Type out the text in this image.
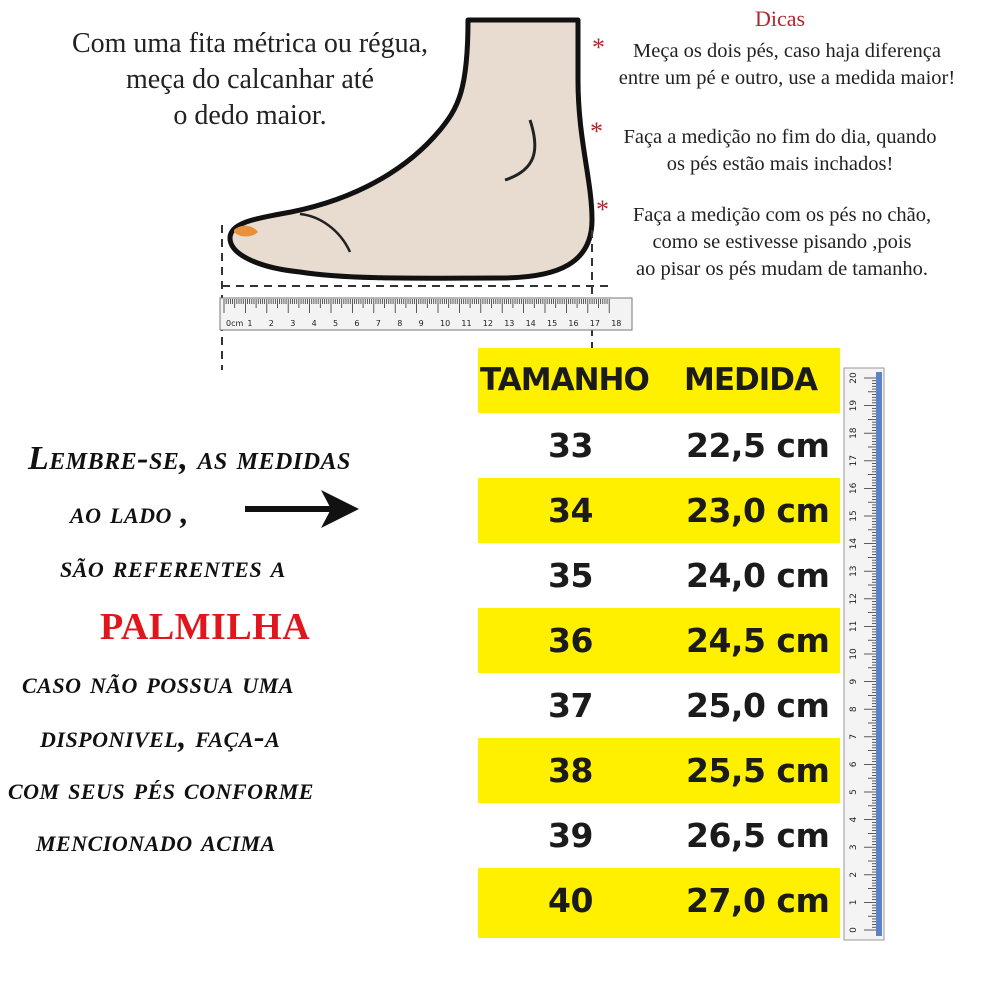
Com uma fita métrica ou régua,
meça do calcanhar até
o dedo maior.
0cm 1 2 3 4 5 6 7 8 9 10 11 12 13 14 15 16 17 18
Dicas
*	Meça os dois pés, caso haja diferença
entre um pé e outro, use a medida maior!
* Faça a medição no fim do dia, quando
os pés estão mais inchados!
*	Faça a medição com os pés no chão,
como se estivesse pisando ,pois
ao pisar os pés mudam de tamanho.
TAMANHO MEDIDA
33	22,5 cm
34	23,0 cm
35	24,0 cm
36	24,5 cm
37	25,0 cm
38	25,5 cm
39	26,5 cm
40	27,0 cm
0
1
2
3
4
5
6
7
8
9
10
11
12
13
14
15
16
17
18
19
20
Lembre-se, as medidas
ao lado ,
são referentes a
PALMILHA
caso não possua uma
disponivel, faça-a
com seus pés conforme
mencionado acima
